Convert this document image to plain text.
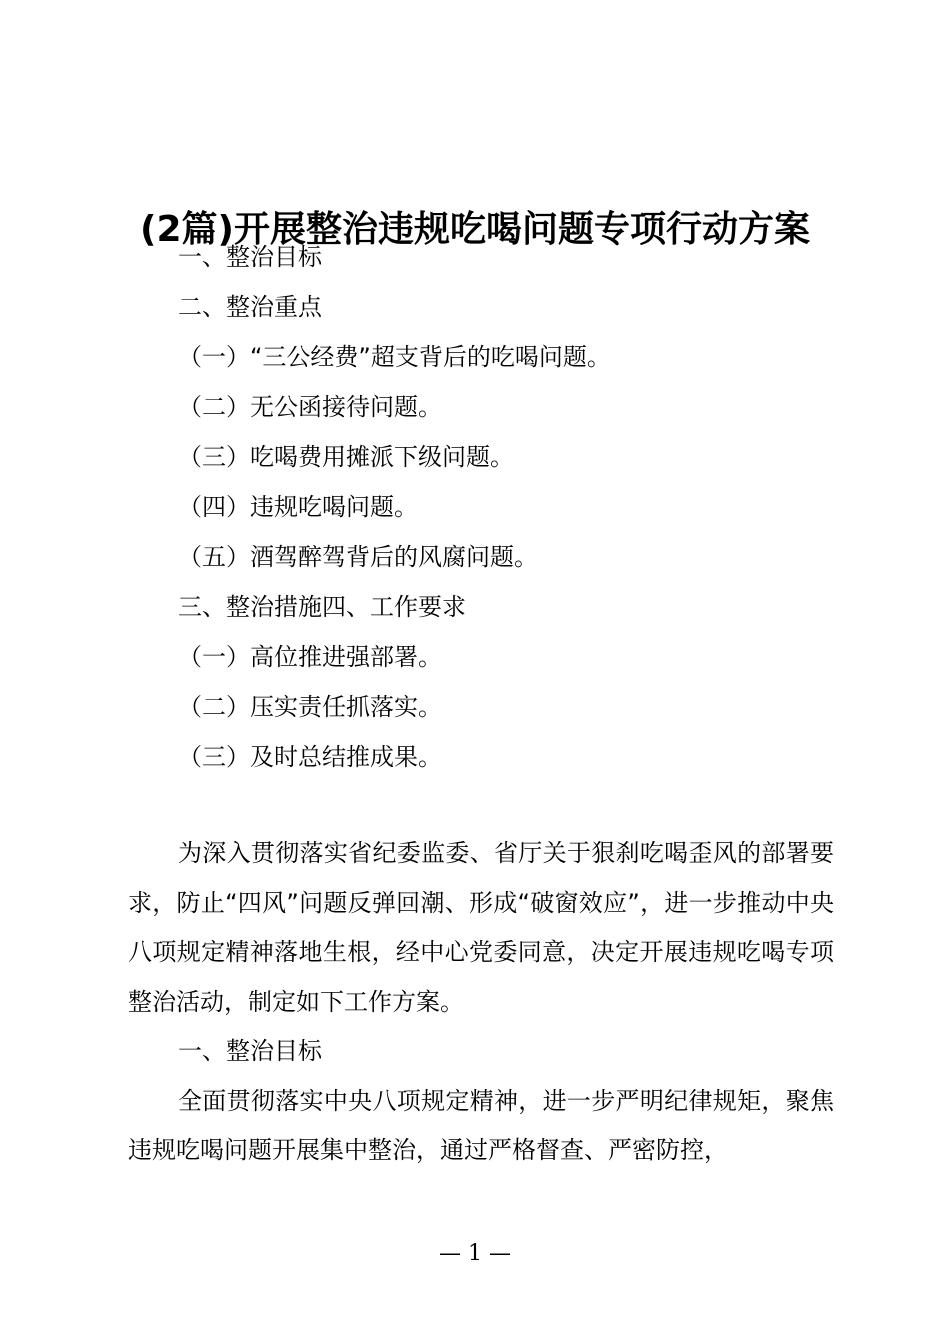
(2篇)开展整治违规吃喝问题专项行动方案
一、整治目标
二、整治重点
（一）“三公经费”超支背后的吃喝问题。
（二）无公函接待问题。
（三）吃喝费用摊派下级问题。
（四）违规吃喝问题。
（五）酒驾醉驾背后的风腐问题。
三、整治措施四、工作要求
（一）高位推进强部署。
（二）压实责任抓落实。
（三）及时总结推成果。

为深入贯彻落实省纪委监委、省厅关于狠刹吃喝歪风的部署要求，防止“四风”问题反弹回潮、形成“破窗效应”，进一步推动中央八项规定精神落地生根，经中心党委同意，决定开展违规吃喝专项整治活动，制定如下工作方案。

一、整治目标

全面贯彻落实中央八项规定精神，进一步严明纪律规矩，聚焦违规吃喝问题开展集中整治，通过严格督查、严密防控，

— 1 —
